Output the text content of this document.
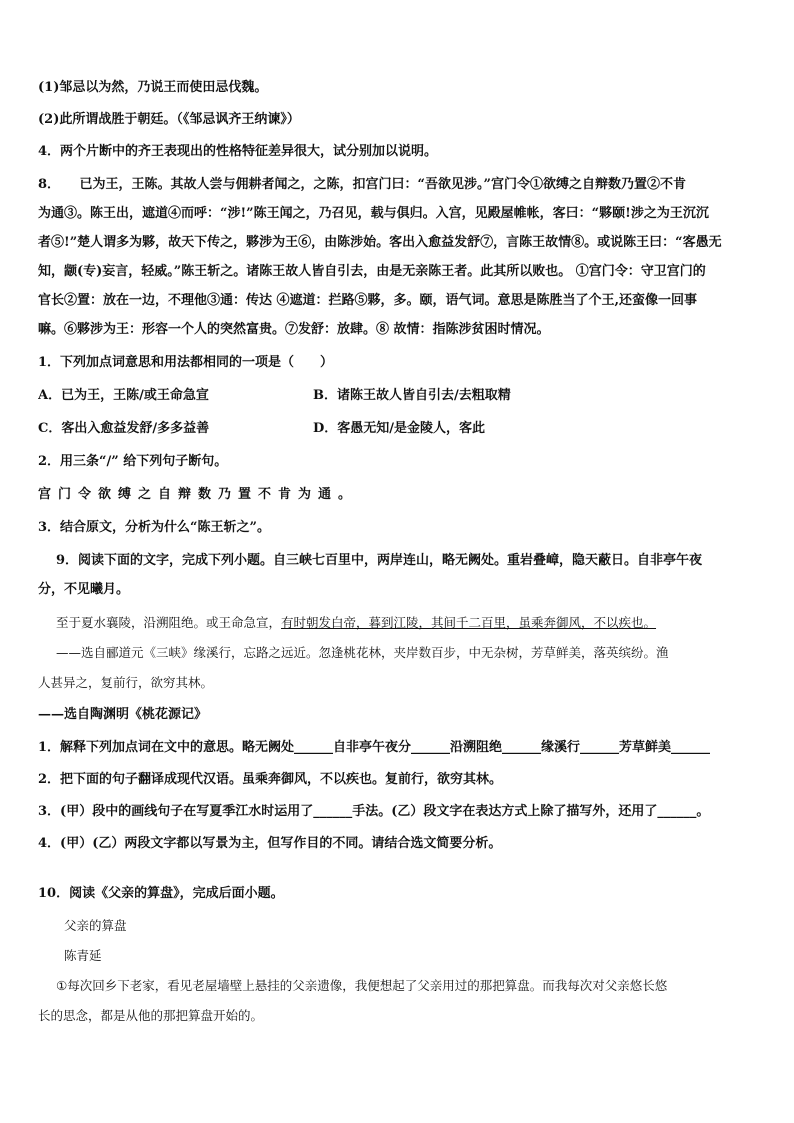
(1)邹忌以为然，乃说王而使田忌伐魏。
(2)此所谓战胜于朝廷。（《邹忌讽齐王纳谏》）
4．两个片断中的齐王表现出的性格特征差异很大，试分别加以说明。
8．　　已为王，王陈。其故人尝与佣耕者闻之，之陈，扣宫门曰：“吾欲见涉。”宫门令①欲缚之自辩数乃置②不肯
为通③。陈王出，遮道④而呼：“涉!”陈王闻之，乃召见，载与俱归。入宫，见殿屋帷帐，客曰：“夥颐!涉之为王沉沉
者⑤!”楚人谓多为夥，故天下传之，夥涉为王⑥，由陈涉始。客出入愈益发舒⑦，言陈王故情⑧。或说陈王曰：“客愚无
知，颛(专)妄言，轻威。”陈王斩之。诸陈王故人皆自引去，由是无亲陈王者。此其所以败也。 ①宫门令：守卫宫门的
官长②置：放在一边，不理他③通：传达 ④遮道：拦路⑤夥，多。颐，语气词。意思是陈胜当了个王,还蛮像一回事
嘛。⑥夥涉为王：形容一个人的突然富贵。⑦发舒：放肆。⑧ 故情：指陈涉贫困时情况。
1．下列加点词意思和用法都相同的一项是（　　）
A．已为王，王陈/或王命急宣	B．诸陈王故人皆自引去/去粗取精
C．客出入愈益发舒/多多益善	D．客愚无知/是金陵人，客此
2．用三条“/” 给下列句子断句。
宫门令欲缚之自辩数乃置不肯为通。
3．结合原文，分析为什么“陈王斩之”。
9．阅读下面的文字，完成下列小题。自三峡七百里中，两岸连山，略无阙处。重岩叠嶂，隐天蔽日。自非亭午夜
分，不见曦月。
至于夏水襄陵，沿溯阻绝。或王命急宣，有时朝发白帝，暮到江陵，其间千二百里，虽乘奔御风，不以疾也。
——选自郦道元《三峡》缘溪行，忘路之远近。忽逢桃花林，夹岸数百步，中无杂树，芳草鲜美，落英缤纷。渔
人甚异之，复前行，欲穷其林。
——选自陶渊明《桃花源记》
1．解释下列加点词在文中的意思。略无阙处______自非亭午夜分______沿溯阻绝______缘溪行______芳草鲜美______
2．把下面的句子翻译成现代汉语。虽乘奔御风，不以疾也。复前行，欲穷其林。
3．(甲）段中的画线句子在写夏季江水时运用了______手法。(乙）段文字在表达方式上除了描写外，还用了______。
4．(甲）(乙）两段文字都以写景为主，但写作目的不同。请结合选文简要分析。
10．阅读《父亲的算盘》，完成后面小题。
父亲的算盘
陈青延
①每次回乡下老家，看见老屋墙壁上悬挂的父亲遗像，我便想起了父亲用过的那把算盘。而我每次对父亲悠长悠
长的思念，都是从他的那把算盘开始的。
